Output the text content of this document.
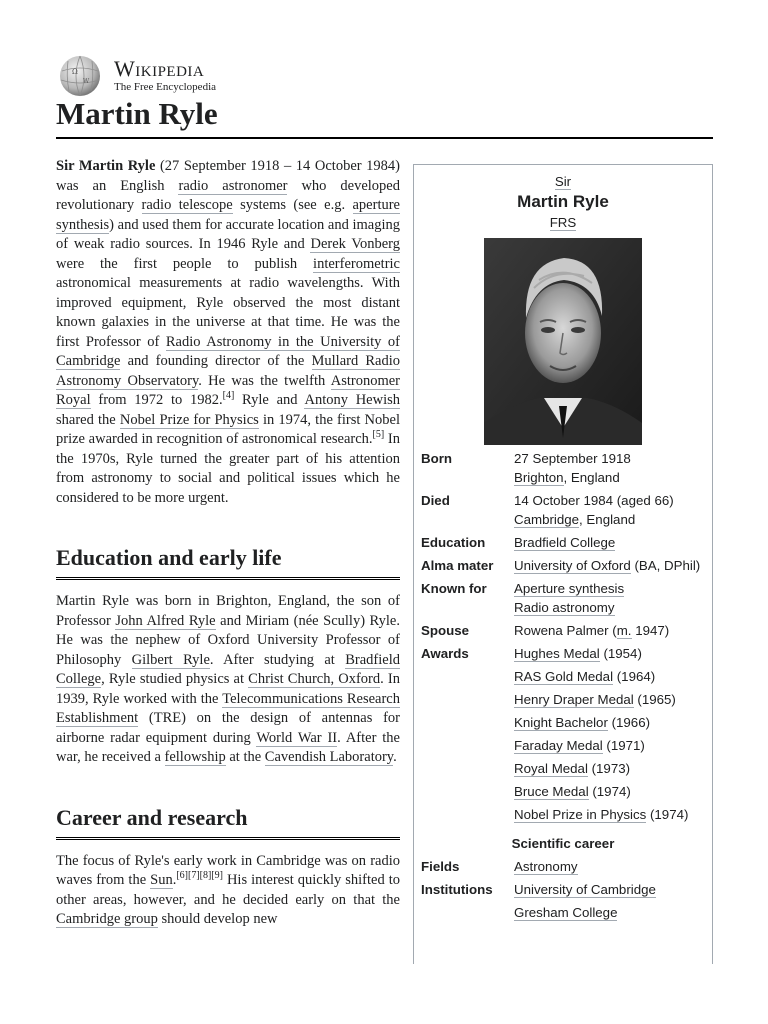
Ω
W
Wikipedia
The Free Encyclopedia
Martin Ryle

Sir Martin Ryle (27 September 1918 – 14 October 1984) was an English radio astronomer who developed revolutionary radio telescope systems (see e.g. aperture synthesis) and used them for accurate location and imaging of weak radio sources. In 1946 Ryle and Derek Vonberg were the first people to publish interferometric astronomical measurements at radio wavelengths. With improved equipment, Ryle observed the most distant known galaxies in the universe at that time. He was the first Professor of Radio Astronomy in the University of Cambridge and founding director of the Mullard Radio Astronomy Observatory. He was the twelfth Astronomer Royal from 1972 to 1982.[4] Ryle and Antony Hewish shared the Nobel Prize for Physics in 1974, the first Nobel prize awarded in recognition of astronomical research.[5] In the 1970s, Ryle turned the greater part of his attention from astronomy to social and political issues which he considered to be more urgent.

Education and early life

Martin Ryle was born in Brighton, England, the son of Professor John Alfred Ryle and Miriam (née Scully) Ryle. He was the nephew of Oxford University Professor of Philosophy Gilbert Ryle. After studying at Bradfield College, Ryle studied physics at Christ Church, Oxford. In 1939, Ryle worked with the Telecommunications Research Establishment (TRE) on the design of antennas for airborne radar equipment during World War II. After the war, he received a fellowship at the Cavendish Laboratory.

Career and research

The focus of Ryle's early work in Cambridge was on radio waves from the Sun.[6][7][8][9] His interest quickly shifted to other areas, however, and he decided early on that the Cambridge group should develop new

Sir
Martin Ryle
FRS
Born	27 September 1918
Brighton, England
Died	14 October 1984 (aged 66)
Cambridge, England
Education	Bradfield College
Alma mater	University of Oxford (BA, DPhil)
Known for	Aperture synthesis
Radio astronomy
Spouse	Rowena Palmer (m. 1947)
Awards	Hughes Medal (1954)
RAS Gold Medal (1964)
Henry Draper Medal (1965)
Knight Bachelor (1966)
Faraday Medal (1971)
Royal Medal (1973)
Bruce Medal (1974)
Nobel Prize in Physics (1974)
Scientific career
Fields	Astronomy
Institutions	University of Cambridge
Gresham College
